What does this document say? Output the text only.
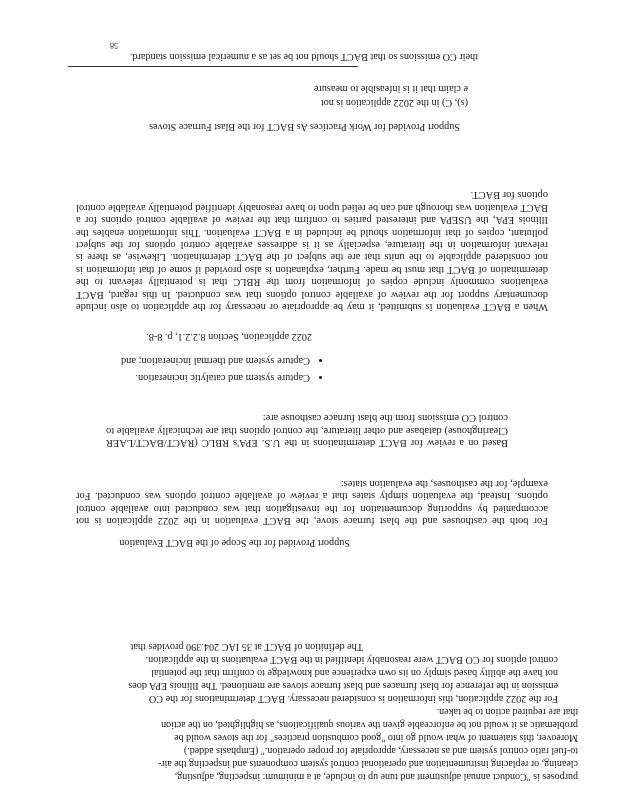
purposes is "Conduct annual adjustment and tune up to include, at a minimum: inspecting, adjusting,
cleaning, or replacing instrumentation and operational control system components and inspecting the air-
to-fuel ratio control system and as necessary, appropriate for proper operation." (Emphasis added.)
Moreover, this statement of what would go into "good combustion practices" for the stoves would be
problematic as it would not be enforceable given the various qualifications, as highlighted, on the action
that are required action to be taken.
For the 2022 application, this information is considered necessary. BACT determinations for the CO
emission in the reference for blast furnaces and blast furnace stoves are mentioned. The Illinois EPA does
not have the ability based simply on its own experience and knowledge to confirm that the potential
control options for CO BACT were reasonably identified in the BACT evaluations in the application.
The definition of BACT at 35 IAC 204.390 provides that
Support Provided for the Scope of the BACT Evaluation

For both the casthouses and the blast furnace stove, the BACT evaluation in the 2022 application is not accompanied by supporting documentation for the investigation that was conducted into available control options. Instead, the evaluation simply states that a review of available control options was conducted. For example, for the casthouses, the evaluation states:

Based on a review for BACT determinations in the U.S. EPA's RBLC (RACT/BACT/LAER Clearinghouse) database and other literature, the control options that are technically available to control CO emissions from the blast furnace casthouse are:

• Capture system and catalytic incineration.
• Capture system and thermal incineration; and
2022 application, Section 8.2.2.1, p. 8-8.

When a BACT evaluation is submitted, it may be appropriate or necessary for the application to also include documentary support for the review of available control options that was conducted. In this regard, BACT evaluations commonly include copies of information from the RBLC that is potentially relevant to the determination of BACT that must be made. Further, explanation is also provided if some of that information is not considered applicable to the units that are the subject of the BACT determination. Likewise, as there is relevant information in the literature, especially as it is addresses available control options for the subject pollutant, copies of that information should be included in a BACT evaluation. This information enables the Illinois EPA, the USEPA and interested parties to confirm that the review of available control options for a BACT evaluation was thorough and can be relied upon to have reasonably identified potentially available control options for BACT.

Support Provided for Work Practices As BACT for the Blast Furnace Stoves
(s), C) in the 2022 application is not
e claim that it is infeasible to measure
their CO emissions so that BACT should not be set as a numerical emission standard.
58
